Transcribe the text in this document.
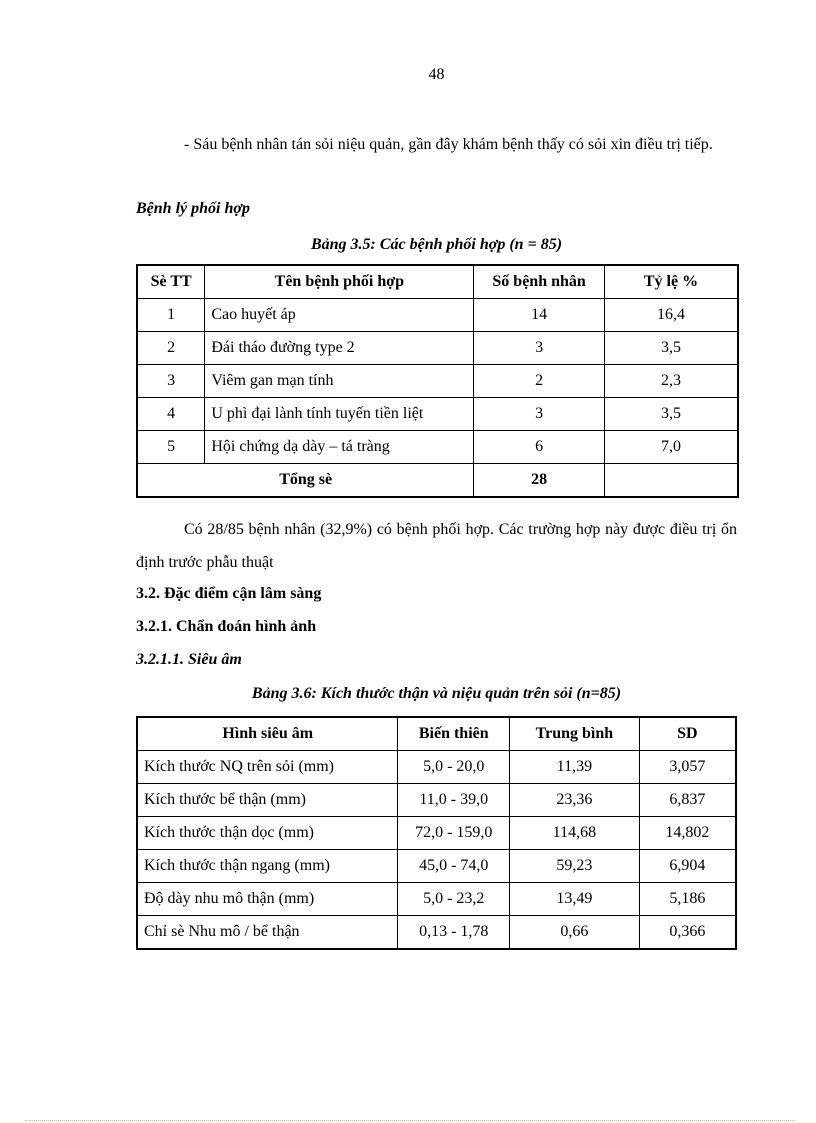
48

- Sáu bệnh nhân tán sỏi niệu quản, gần đây khám bệnh thấy có sỏi xin điều trị tiếp.

Bệnh lý phối hợp

Bảng 3.5: Các bệnh phối hợp (n = 85)

Sè TT	Tên bệnh phối hợp	Số bệnh nhân	Tỷ lệ %
1	Cao huyết áp	14	16,4
2	Đái tháo đường type 2	3	3,5
3	Viêm gan mạn tính	2	2,3
4	U phì đại lành tính tuyến tiền liệt	3	3,5
5	Hội chứng dạ dày – tá tràng	6	7,0
Tổng sè		28	

Có 28/85 bệnh nhân (32,9%) có bệnh phối hợp. Các trường hợp này được điều trị ổn định trước phẫu thuật

3.2. Đặc điểm cận lâm sàng

3.2.1. Chẩn đoán hình ảnh

3.2.1.1. Siêu âm

Bảng 3.6: Kích thước thận và niệu quản trên sỏi (n=85)

Hình siêu âm	Biến thiên	Trung bình	SD
Kích thước NQ trên sỏi (mm)	5,0 - 20,0	11,39	3,057
Kích thước bể thận (mm)	11,0 - 39,0	23,36	6,837
Kích thước thận dọc (mm)	72,0 - 159,0	114,68	14,802
Kích thước thận ngang (mm)	45,0 - 74,0	59,23	6,904
Độ dày nhu mô thận (mm)	5,0 - 23,2	13,49	5,186
Chỉ sè Nhu mô / bể thận	0,13 - 1,78	0,66	0,366
